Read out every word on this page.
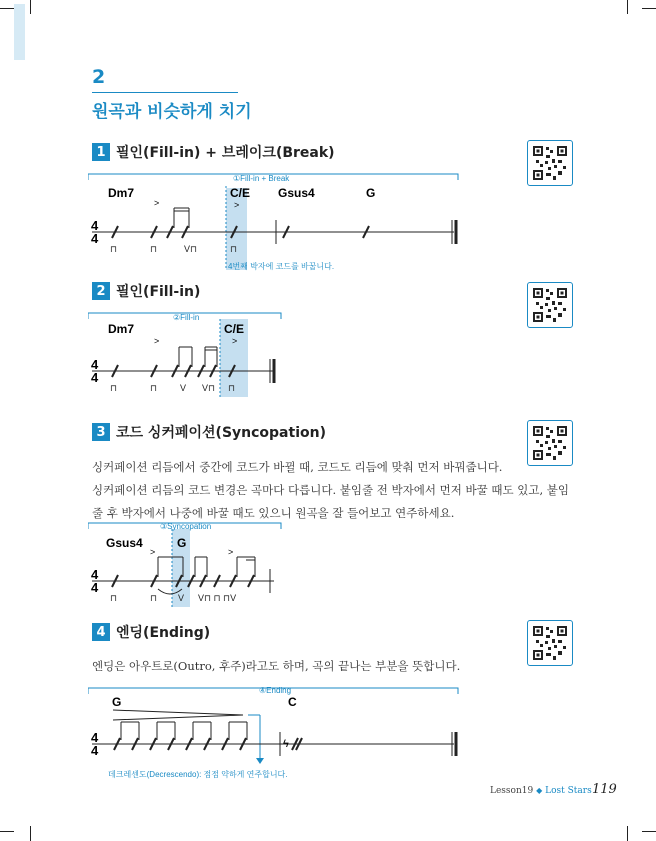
2
원곡과 비슷하게 치기
1 필인(Fill-in) + 브레이크(Break)
①Fill-in + Break
Dm7	C/E Gsus4	G
4
4
>	>
⊓	⊓	V⊓	⊓
4번째 박자에 코드를 바꿉니다.
2 필인(Fill-in)
②Fill-in
Dm7	C/E
4
4
>	>
⊓	⊓	V V⊓ ⊓
3 코드 싱커페이션(Syncopation)
싱커페이션 리듬에서 중간에 코드가 바뀔 때, 코드도 리듬에 맞춰 먼저 바꿔줍니다.
싱커페이션 리듬의 코드 변경은 곡마다 다릅니다. 붙임줄 전 박자에서 먼저 바꿀 때도 있고, 붙임
줄 후 박자에서 나중에 바꿀 때도 있으니 원곡을 잘 들어보고 연주하세요.
③Syncopation
Gsus4	G
4
4
>	>
⊓	⊓ V V⊓ ⊓ ⊓V
4 엔딩(Ending)
엔딩은 아우트로(Outro, 후주)라고도 하며, 곡의 끝나는 부분을 뜻합니다.
④Ending
G	C
4
4	ϟ
데크레센도(Decrescendo): 점점 약하게 연주합니다.
Lesson19 ◆ Lost Stars 119
